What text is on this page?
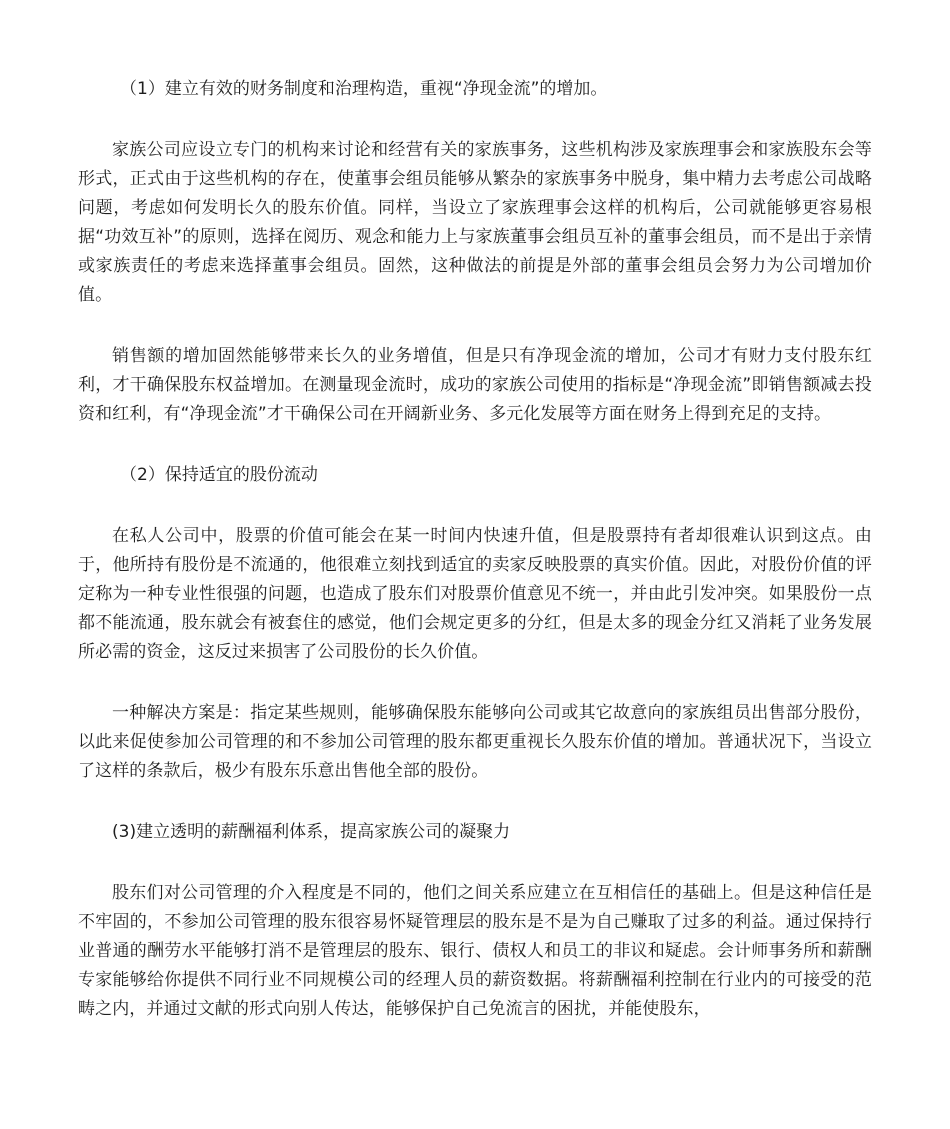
（1）建立有效的财务制度和治理构造，重视“净现金流”的增加。

家族公司应设立专门的机构来讨论和经营有关的家族事务，这些机构涉及家族理事会和家族股东会等形式，正式由于这些机构的存在，使董事会组员能够从繁杂的家族事务中脱身，集中精力去考虑公司战略问题，考虑如何发明长久的股东价值。同样，当设立了家族理事会这样的机构后，公司就能够更容易根据“功效互补”的原则，选择在阅历、观念和能力上与家族董事会组员互补的董事会组员，而不是出于亲情或家族责任的考虑来选择董事会组员。固然，这种做法的前提是外部的董事会组员会努力为公司增加价值。

销售额的增加固然能够带来长久的业务增值，但是只有净现金流的增加，公司才有财力支付股东红利，才干确保股东权益增加。在测量现金流时，成功的家族公司使用的指标是“净现金流”即销售额减去投资和红利，有“净现金流”才干确保公司在开阔新业务、多元化发展等方面在财务上得到充足的支持。

（2）保持适宜的股份流动

在私人公司中，股票的价值可能会在某一时间内快速升值，但是股票持有者却很难认识到这点。由于，他所持有股份是不流通的，他很难立刻找到适宜的卖家反映股票的真实价值。因此，对股份价值的评定称为一种专业性很强的问题，也造成了股东们对股票价值意见不统一，并由此引发冲突。如果股份一点都不能流通，股东就会有被套住的感觉，他们会规定更多的分红，但是太多的现金分红又消耗了业务发展所必需的资金，这反过来损害了公司股份的长久价值。

一种解决方案是：指定某些规则，能够确保股东能够向公司或其它故意向的家族组员出售部分股份，以此来促使参加公司管理的和不参加公司管理的股东都更重视长久股东价值的增加。普通状况下，当设立了这样的条款后，极少有股东乐意出售他全部的股份。

(3)建立透明的薪酬福利体系，提高家族公司的凝聚力

股东们对公司管理的介入程度是不同的，他们之间关系应建立在互相信任的基础上。但是这种信任是不牢固的，不参加公司管理的股东很容易怀疑管理层的股东是不是为自己赚取了过多的利益。通过保持行业普通的酬劳水平能够打消不是管理层的股东、银行、债权人和员工的非议和疑虑。会计师事务所和薪酬专家能够给你提供不同行业不同规模公司的经理人员的薪资数据。将薪酬福利控制在行业内的可接受的范畴之内，并通过文献的形式向别人传达，能够保护自己免流言的困扰，并能使股东，
